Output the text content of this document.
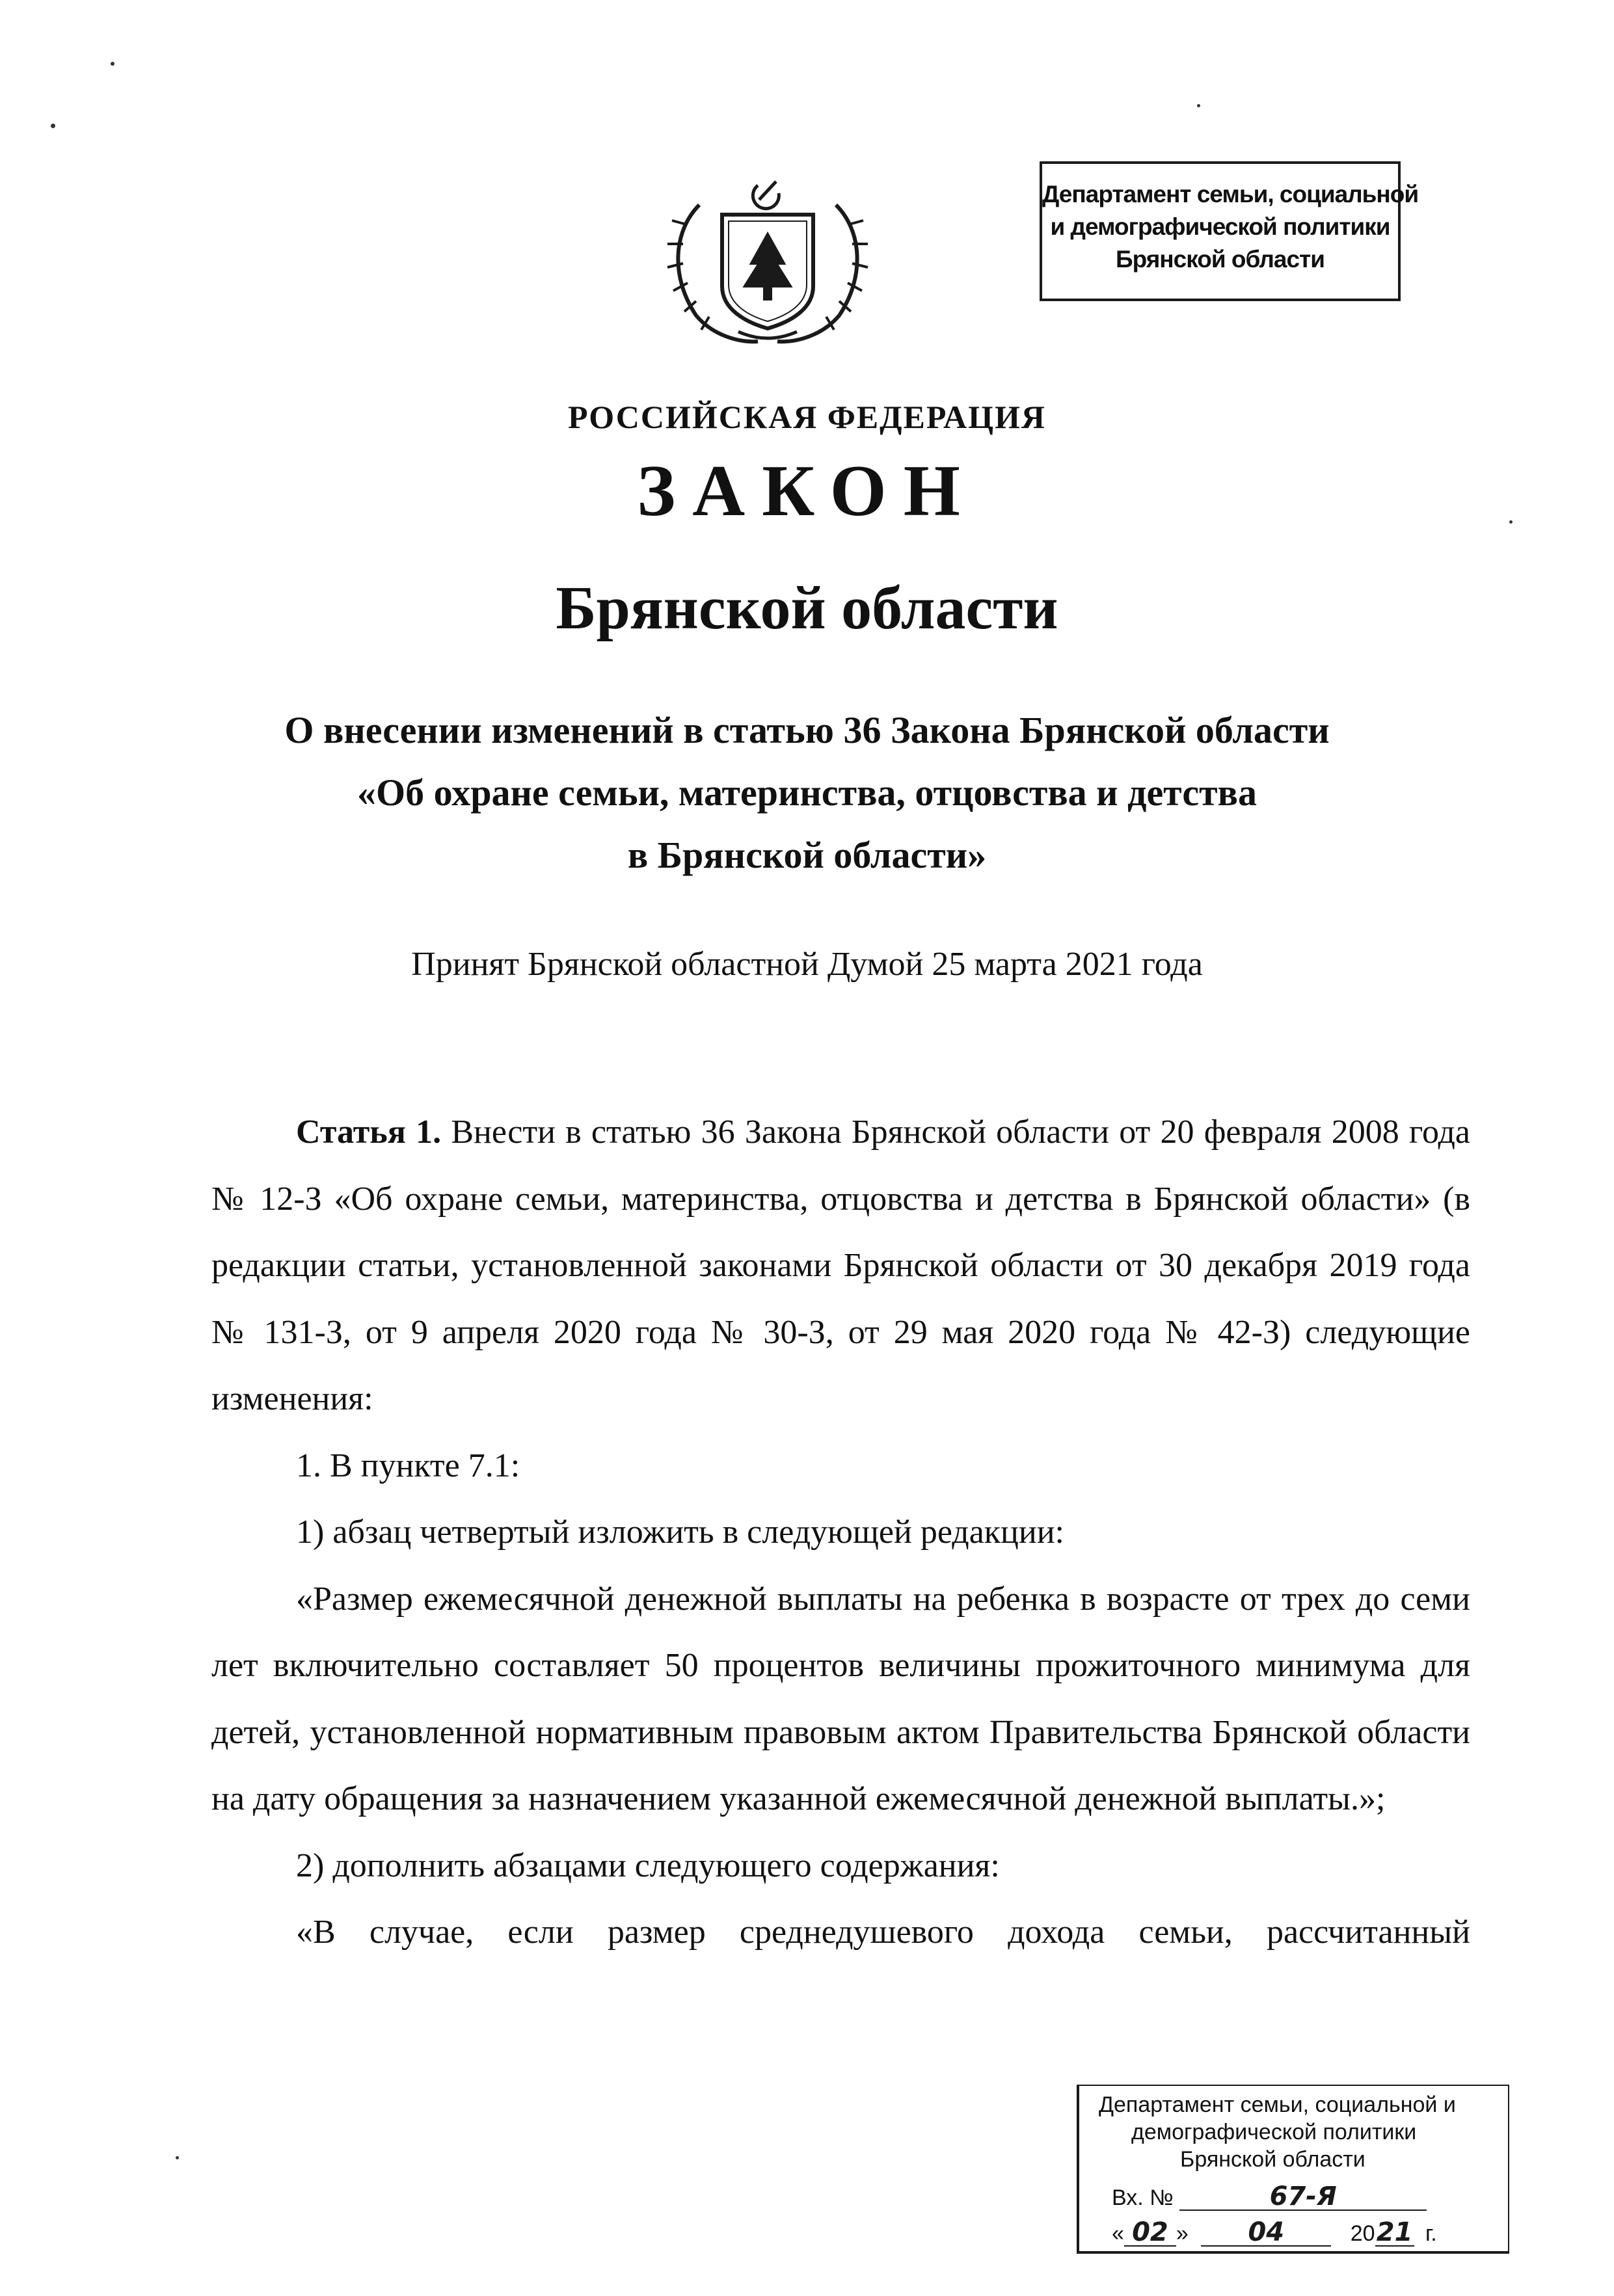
Департамент семьи, социальной
и демографической политики
Брянской области
РОССИЙСКАЯ ФЕДЕРАЦИЯ
ЗАКОН
Брянской области
О внесении изменений в статью 36 Закона Брянской области
«Об охране семьи, материнства, отцовства и детства
в Брянской области»
Принят Брянской областной Думой 25 марта 2021 года

Статья 1. Внести в статью 36 Закона Брянской области от 20 февраля 2008 года № 12-З «Об охране семьи, материнства, отцовства и детства в Брянской области» (в редакции статьи, установленной законами Брянской области от 30 декабря 2019 года № 131-З, от 9 апреля 2020 года № 30-З, от 29 мая 2020 года № 42-З) следующие изменения:

1. В пункте 7.1:

1) абзац четвертый изложить в следующей редакции:

«Размер ежемесячной денежной выплаты на ребенка в возрасте от трех до семи лет включительно составляет 50 процентов величины прожиточного минимума для детей, установленной нормативным правовым актом Правительства Брянской области на дату обращения за назначением указанной ежемесячной денежной выплаты.»;

2) дополнить абзацами следующего содержания:

«В случае, если размер среднедушевого дохода семьи, рассчитанный

Департамент семьи, социальной и
демографической политики
Брянской области
Вх. №	67-Я
« 02 » 04	2021 г.
